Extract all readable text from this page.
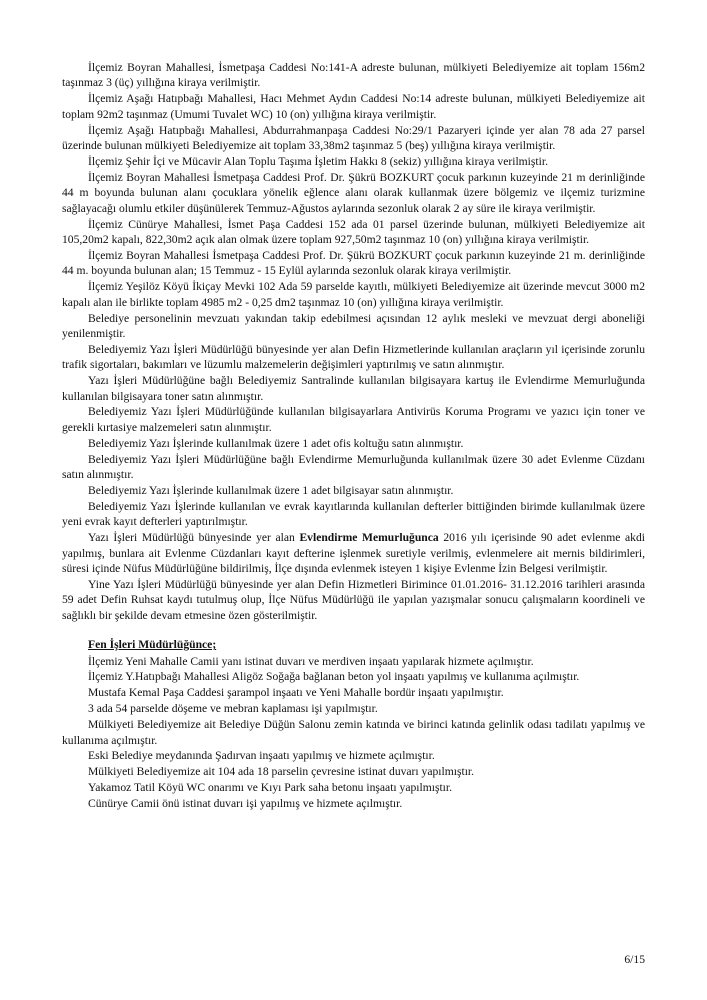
İlçemiz Boyran Mahallesi, İsmetpaşa Caddesi No:141-A adreste bulunan, mülkiyeti Belediyemize ait toplam 156m2 taşınmaz 3 (üç) yıllığına kiraya verilmiştir.

İlçemiz Aşağı Hatıpbağı Mahallesi, Hacı Mehmet Aydın Caddesi No:14 adreste bulunan, mülkiyeti Belediyemize ait toplam 92m2 taşınmaz (Umumi Tuvalet WC) 10 (on) yıllığına kiraya verilmiştir.

İlçemiz Aşağı Hatıpbağı Mahallesi, Abdurrahmanpaşa Caddesi No:29/1 Pazaryeri içinde yer alan 78 ada 27 parsel üzerinde bulunan mülkiyeti Belediyemize ait toplam 33,38m2 taşınmaz 5 (beş) yıllığına kiraya verilmiştir.

İlçemiz Şehir İçi ve Mücavir Alan Toplu Taşıma İşletim Hakkı 8 (sekiz) yıllığına kiraya verilmiştir.

İlçemiz Boyran Mahallesi İsmetpaşa Caddesi Prof. Dr. Şükrü BOZKURT çocuk parkının kuzeyinde 21 m derinliğinde 44 m boyunda bulunan alanı çocuklara yönelik eğlence alanı olarak kullanmak üzere bölgemiz ve ilçemiz turizmine sağlayacağı olumlu etkiler düşünülerek Temmuz-Ağustos aylarında sezonluk olarak 2 ay süre ile kiraya verilmiştir.

İlçemiz Cünürye Mahallesi, İsmet Paşa Caddesi 152 ada 01 parsel üzerinde bulunan, mülkiyeti Belediyemize ait 105,20m2 kapalı, 822,30m2 açık alan olmak üzere toplam 927,50m2 taşınmaz 10 (on) yıllığına kiraya verilmiştir.

İlçemiz Boyran Mahallesi İsmetpaşa Caddesi Prof. Dr. Şükrü BOZKURT çocuk parkının kuzeyinde 21 m. derinliğinde 44 m. boyunda bulunan alan; 15 Temmuz - 15 Eylül aylarında sezonluk olarak kiraya verilmiştir.

İlçemiz Yeşilöz Köyü İkiçay Mevki 102 Ada 59 parselde kayıtlı, mülkiyeti Belediyemize ait üzerinde mevcut 3000 m2 kapalı alan ile birlikte toplam 4985 m2 - 0,25 dm2 taşınmaz 10 (on) yıllığına kiraya verilmiştir.

Belediye personelinin mevzuatı yakından takip edebilmesi açısından 12 aylık mesleki ve mevzuat dergi aboneliği yenilenmiştir.

Belediyemiz Yazı İşleri Müdürlüğü bünyesinde yer alan Defin Hizmetlerinde kullanılan araçların yıl içerisinde zorunlu trafik sigortaları, bakımları ve lüzumlu malzemelerin değişimleri yaptırılmış ve satın alınmıştır.

Yazı İşleri Müdürlüğüne bağlı Belediyemiz Santralinde kullanılan bilgisayara kartuş ile Evlendirme Memurluğunda kullanılan bilgisayara toner satın alınmıştır.

Belediyemiz Yazı İşleri Müdürlüğünde kullanılan bilgisayarlara Antivirüs Koruma Programı ve yazıcı için toner ve gerekli kırtasiye malzemeleri satın alınmıştır.

Belediyemiz Yazı İşlerinde kullanılmak üzere 1 adet ofis koltuğu satın alınmıştır.

Belediyemiz Yazı İşleri Müdürlüğüne bağlı Evlendirme Memurluğunda kullanılmak üzere 30 adet Evlenme Cüzdanı satın alınmıştır.

Belediyemiz Yazı İşlerinde kullanılmak üzere 1 adet bilgisayar satın alınmıştır.

Belediyemiz Yazı İşlerinde kullanılan ve evrak kayıtlarında kullanılan defterler bittiğinden birimde kullanılmak üzere yeni evrak kayıt defterleri yaptırılmıştır.

Yazı İşleri Müdürlüğü bünyesinde yer alan Evlendirme Memurluğunca 2016 yılı içerisinde 90 adet evlenme akdi yapılmış, bunlara ait Evlenme Cüzdanları kayıt defterine işlenmek suretiyle verilmiş, evlenmelere ait mernis bildirimleri, süresi içinde Nüfus Müdürlüğüne bildirilmiş, İlçe dışında evlenmek isteyen 1 kişiye Evlenme İzin Belgesi verilmiştir.

Yine Yazı İşleri Müdürlüğü bünyesinde yer alan Defin Hizmetleri Birimince 01.01.2016- 31.12.2016 tarihleri arasında 59 adet Defin Ruhsat kaydı tutulmuş olup, İlçe Nüfus Müdürlüğü ile yapılan yazışmalar sonucu çalışmaların koordineli ve sağlıklı bir şekilde devam etmesine özen gösterilmiştir.

Fen İşleri Müdürlüğünce;

İlçemiz Yeni Mahalle Camii yanı istinat duvarı ve merdiven inşaatı yapılarak hizmete açılmıştır.

İlçemiz Y.Hatıpbağı Mahallesi Aligöz Soğağa bağlanan beton yol inşaatı yapılmış ve kullanıma açılmıştır.

Mustafa Kemal Paşa Caddesi şarampol inşaatı ve Yeni Mahalle bordür inşaatı yapılmıştır.

3 ada 54 parselde döşeme ve mebran kaplaması işi yapılmıştır.

Mülkiyeti Belediyemize ait Belediye Düğün Salonu zemin katında ve birinci katında gelinlik odası tadilatı yapılmış ve kullanıma açılmıştır.

Eski Belediye meydanında Şadırvan inşaatı yapılmış ve hizmete açılmıştır.

Mülkiyeti Belediyemize ait 104 ada 18 parselin çevresine istinat duvarı yapılmıştır.

Yakamoz Tatil Köyü WC onarımı ve Kıyı Park saha betonu inşaatı yapılmıştır.

Cünürye Camii önü istinat duvarı işi yapılmış ve hizmete açılmıştır.

6/15
